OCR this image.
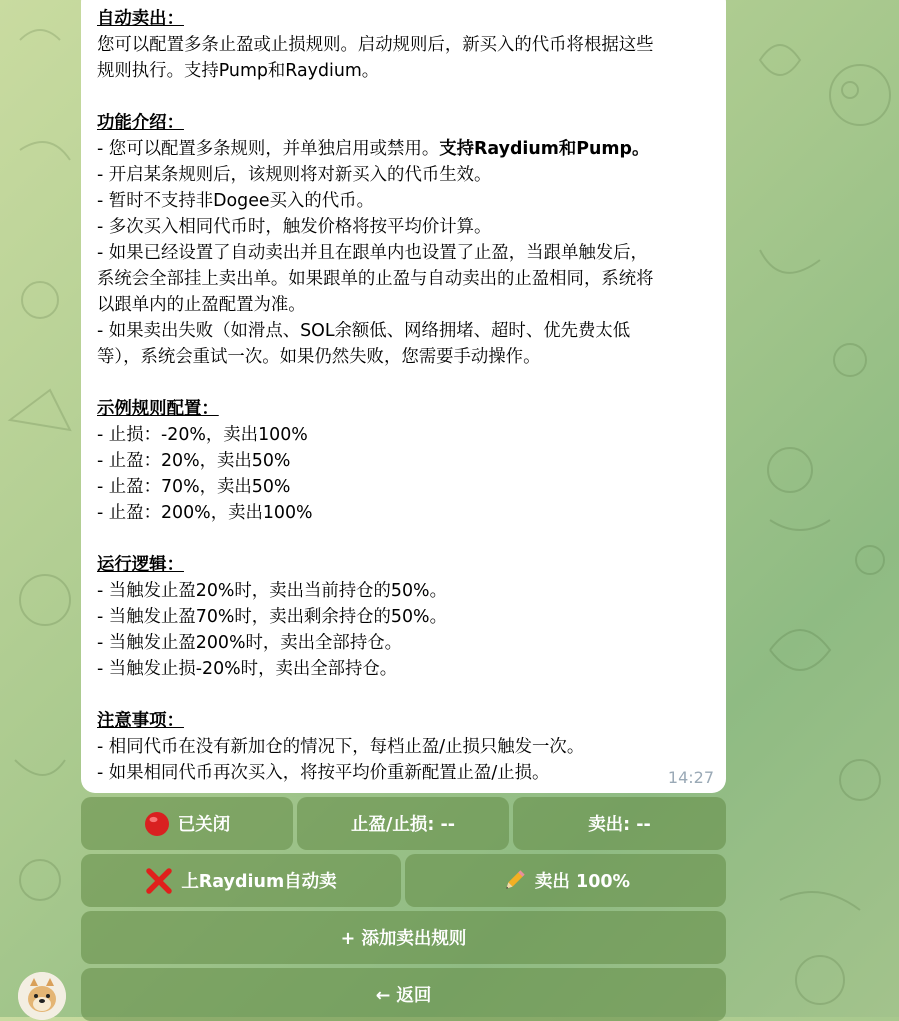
自动卖出：
您可以配置多条止盈或止损规则。启动规则后，新买入的代币将根据这些
规则执行。支持Pump和Raydium。
功能介绍：
- 您可以配置多条规则，并单独启用或禁用。支持Raydium和Pump。
- 开启某条规则后，该规则将对新买入的代币生效。
- 暂时不支持非Dogee买入的代币。
- 多次买入相同代币时，触发价格将按平均价计算。
- 如果已经设置了自动卖出并且在跟单内也设置了止盈，当跟单触发后，
系统会全部挂上卖出单。如果跟单的止盈与自动卖出的止盈相同，系统将
以跟单内的止盈配置为准。
- 如果卖出失败（如滑点、SOL余额低、网络拥堵、超时、优先费太低
等），系统会重试一次。如果仍然失败，您需要手动操作。
示例规则配置：
- 止损：-20%，卖出100%
- 止盈：20%，卖出50%
- 止盈：70%，卖出50%
- 止盈：200%，卖出100%
运行逻辑：
- 当触发止盈20%时，卖出当前持仓的50%。
- 当触发止盈70%时，卖出剩余持仓的50%。
- 当触发止盈200%时，卖出全部持仓。
- 当触发止损-20%时，卖出全部持仓。
注意事项：
- 相同代币在没有新加仓的情况下，每档止盈/止损只触发一次。
- 如果相同代币再次买入，将按平均价重新配置止盈/止损。	14:27
已关闭	止盈/止损: --	卖出: --
上Raydium自动卖	卖出 100%
+ 添加卖出规则
← 返回
